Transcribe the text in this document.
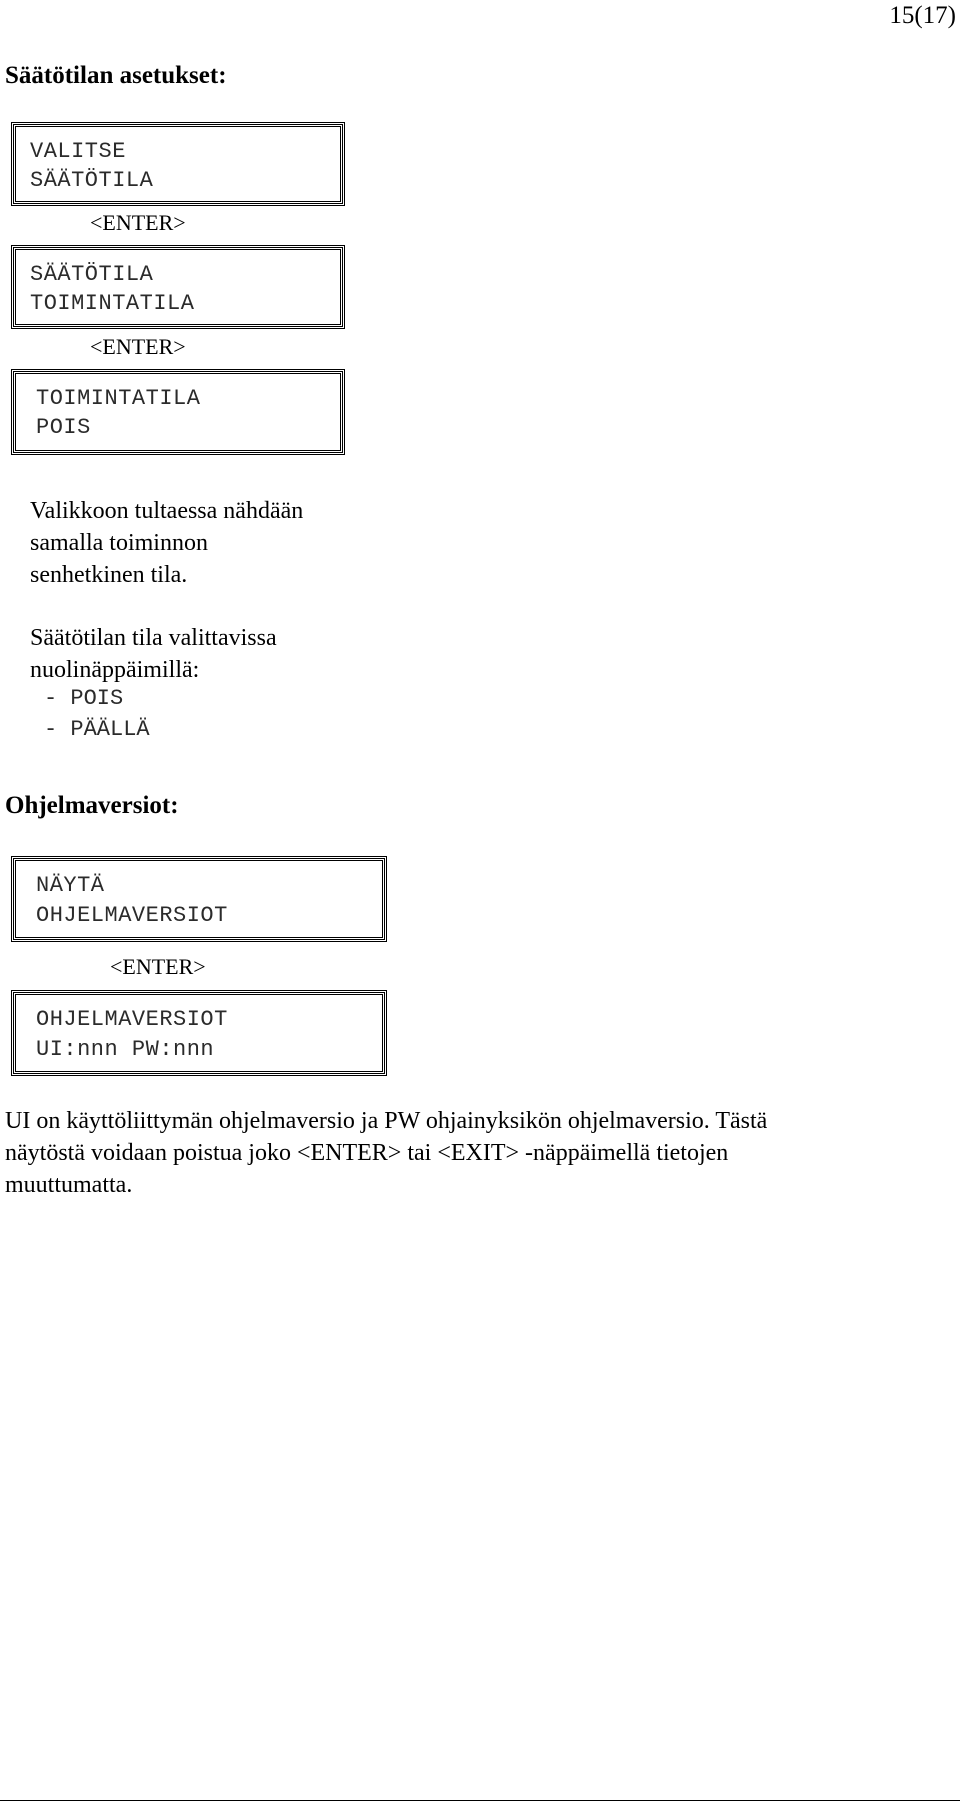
15(17)
Säätötilan asetukset:
VALITSE
SÄÄTÖTILA
<ENTER>
SÄÄTÖTILA
TOIMINTATILA
<ENTER>
TOIMINTATILA
POIS
Valikkoon tultaessa nähdään
samalla toiminnon
senhetkinen tila.
Säätötilan tila valittavissa
nuolinäppäimillä:
- POIS
- PÄÄLLÄ
Ohjelmaversiot:
NÄYTÄ
OHJELMAVERSIOT
<ENTER>
OHJELMAVERSIOT
UI:nnn PW:nnn
UI on käyttöliittymän ohjelmaversio ja PW ohjainyksikön ohjelmaversio. Tästä
näytöstä voidaan poistua joko <ENTER> tai <EXIT> -näppäimellä tietojen
muuttumatta.
